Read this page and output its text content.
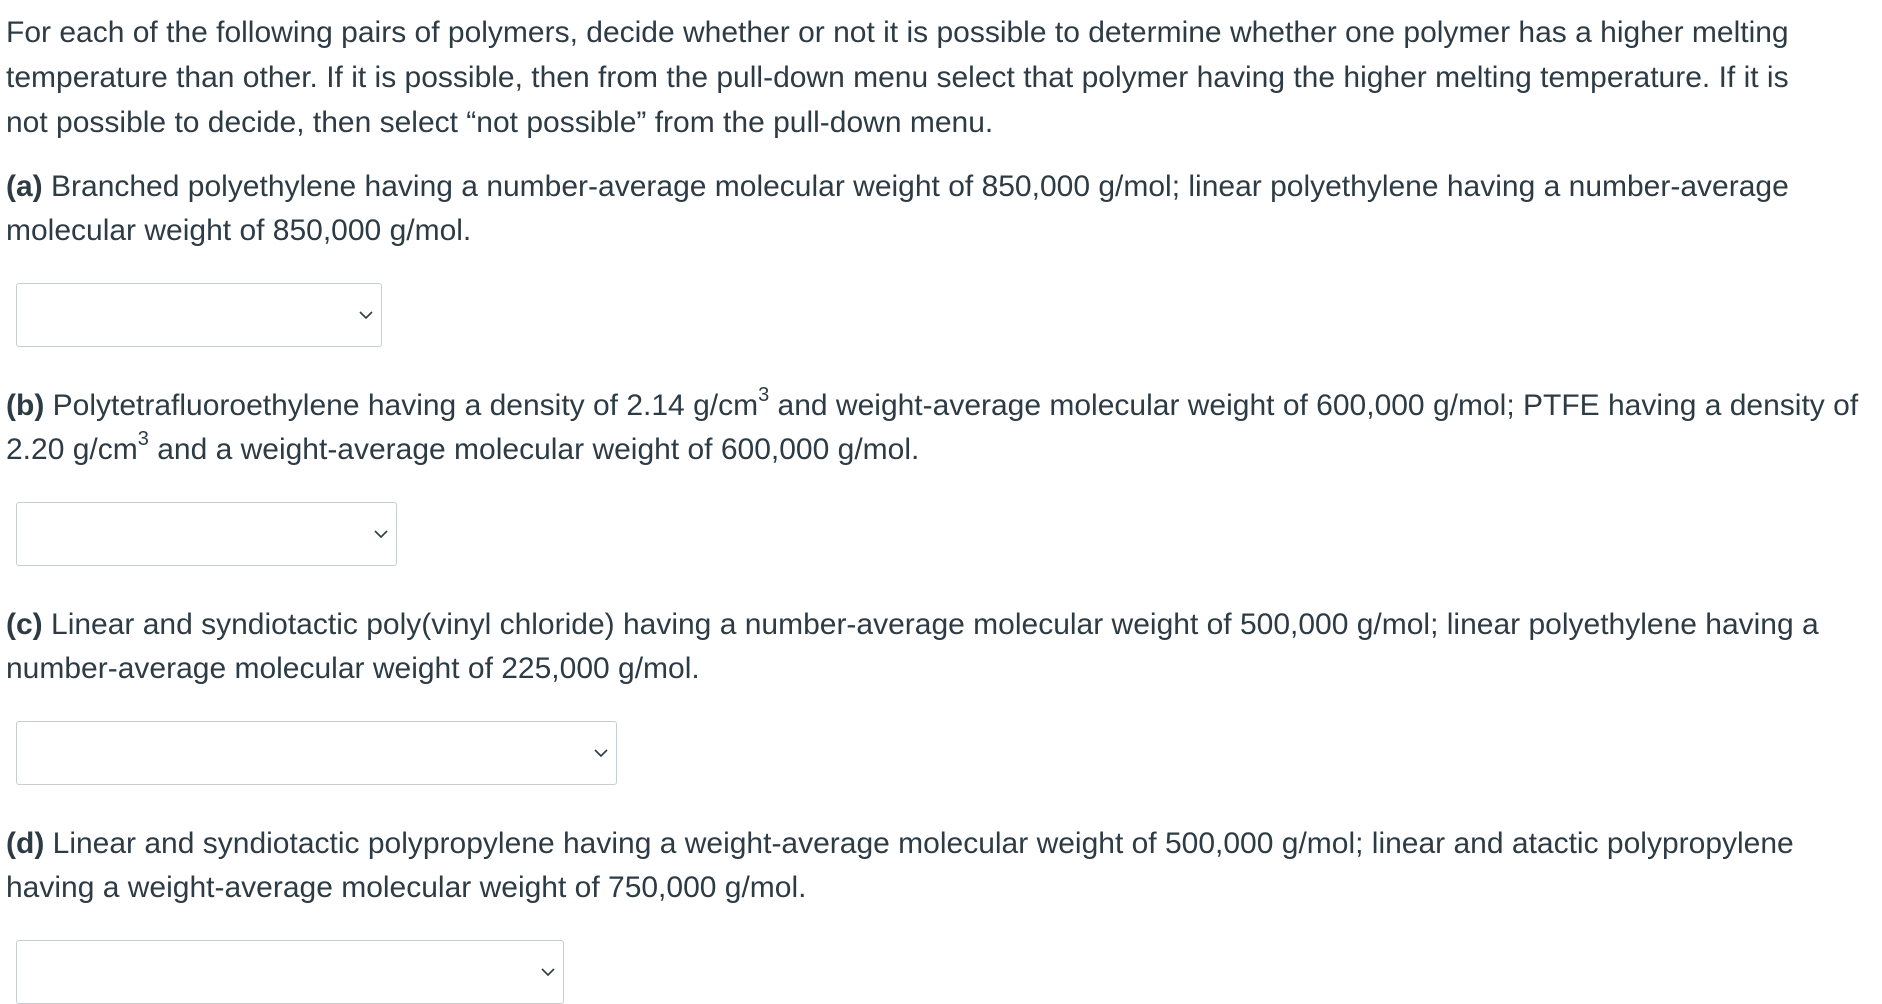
For each of the following pairs of polymers, decide whether or not it is possible to determine whether one polymer has a higher melting temperature than other. If it is possible, then from the pull-down menu select that polymer having the higher melting temperature. If it is not possible to decide, then select “not possible” from the pull-down menu.

(a) Branched polyethylene having a number-average molecular weight of 850,000 g/mol; linear polyethylene having a number-average molecular weight of 850,000 g/mol.

(b) Polytetrafluoroethylene having a density of 2.14 $g/cm^3$ and weight-average molecular weight of 600,000 g/mol; PTFE having a density of 2.20 $g/cm^3$ and a weight-average molecular weight of 600,000 g/mol.

(c) Linear and syndiotactic poly(vinyl chloride) having a number-average molecular weight of 500,000 g/mol; linear polyethylene having a number-average molecular weight of 225,000 g/mol.

(d) Linear and syndiotactic polypropylene having a weight-average molecular weight of 500,000 g/mol; linear and atactic polypropylene having a weight-average molecular weight of 750,000 g/mol.
